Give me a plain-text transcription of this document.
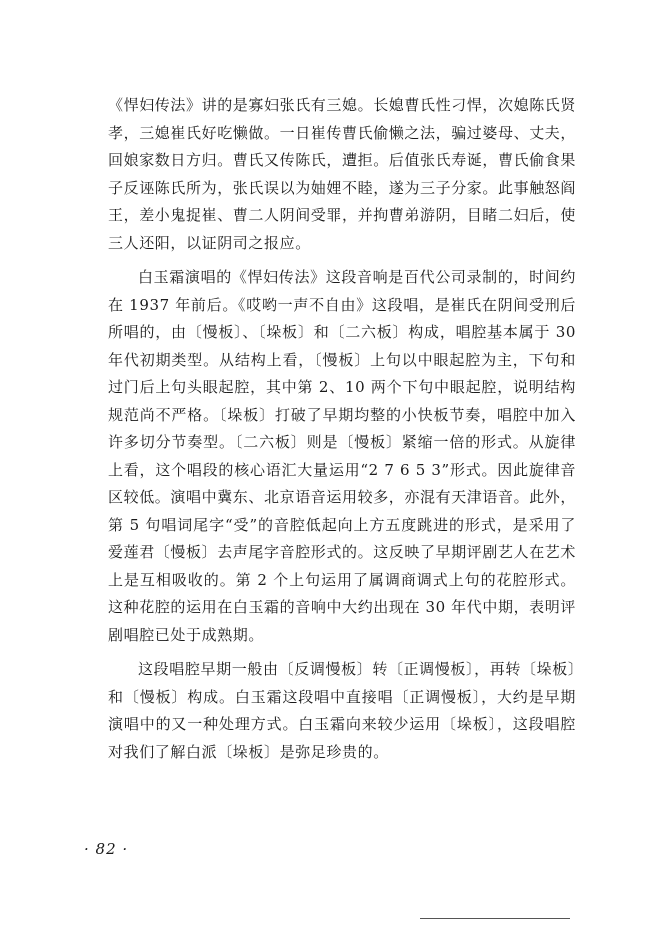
《悍妇传法》讲的是寡妇张氏有三媳。长媳曹氏性刁悍，次媳陈氏贤孝，三媳崔氏好吃懒做。一日崔传曹氏偷懒之法，骗过婆母、丈夫，回娘家数日方归。曹氏又传陈氏，遭拒。后值张氏寿诞，曹氏偷食果子反诬陈氏所为，张氏误以为妯娌不睦，遂为三子分家。此事触怒阎王，差小鬼捉崔、曹二人阴间受罪，并拘曹弟游阴，目睹二妇后，使三人还阳，以证阴司之报应。

白玉霜演唱的《悍妇传法》这段音响是百代公司录制的，时间约在 1937 年前后。《哎哟一声不自由》这段唱，是崔氏在阴间受刑后所唱的，由〔慢板〕、〔垛板〕和〔二六板〕构成，唱腔基本属于 30 年代初期类型。从结构上看，〔慢板〕上句以中眼起腔为主，下句和过门后上句头眼起腔，其中第 2、10 两个下句中眼起腔，说明结构规范尚不严格。〔垛板〕打破了早期均整的小快板节奏，唱腔中加入许多切分节奏型。〔二六板〕则是〔慢板〕紧缩一倍的形式。从旋律上看，这个唱段的核心语汇大量运用“2 7 6 5 3”形式。因此旋律音区较低。演唱中冀东、北京语音运用较多，亦混有天津语音。此外，第 5 句唱词尾字“受”的音腔低起向上方五度跳进的形式，是采用了爱莲君〔慢板〕去声尾字音腔形式的。这反映了早期评剧艺人在艺术上是互相吸收的。第 2 个上句运用了属调商调式上句的花腔形式。这种花腔的运用在白玉霜的音响中大约出现在 30 年代中期，表明评剧唱腔已处于成熟期。

这段唱腔早期一般由〔反调慢板〕转〔正调慢板〕，再转〔垛板〕和〔慢板〕构成。白玉霜这段唱中直接唱〔正调慢板〕，大约是早期演唱中的又一种处理方式。白玉霜向来较少运用〔垛板〕，这段唱腔对我们了解白派〔垛板〕是弥足珍贵的。

· 82 ·
